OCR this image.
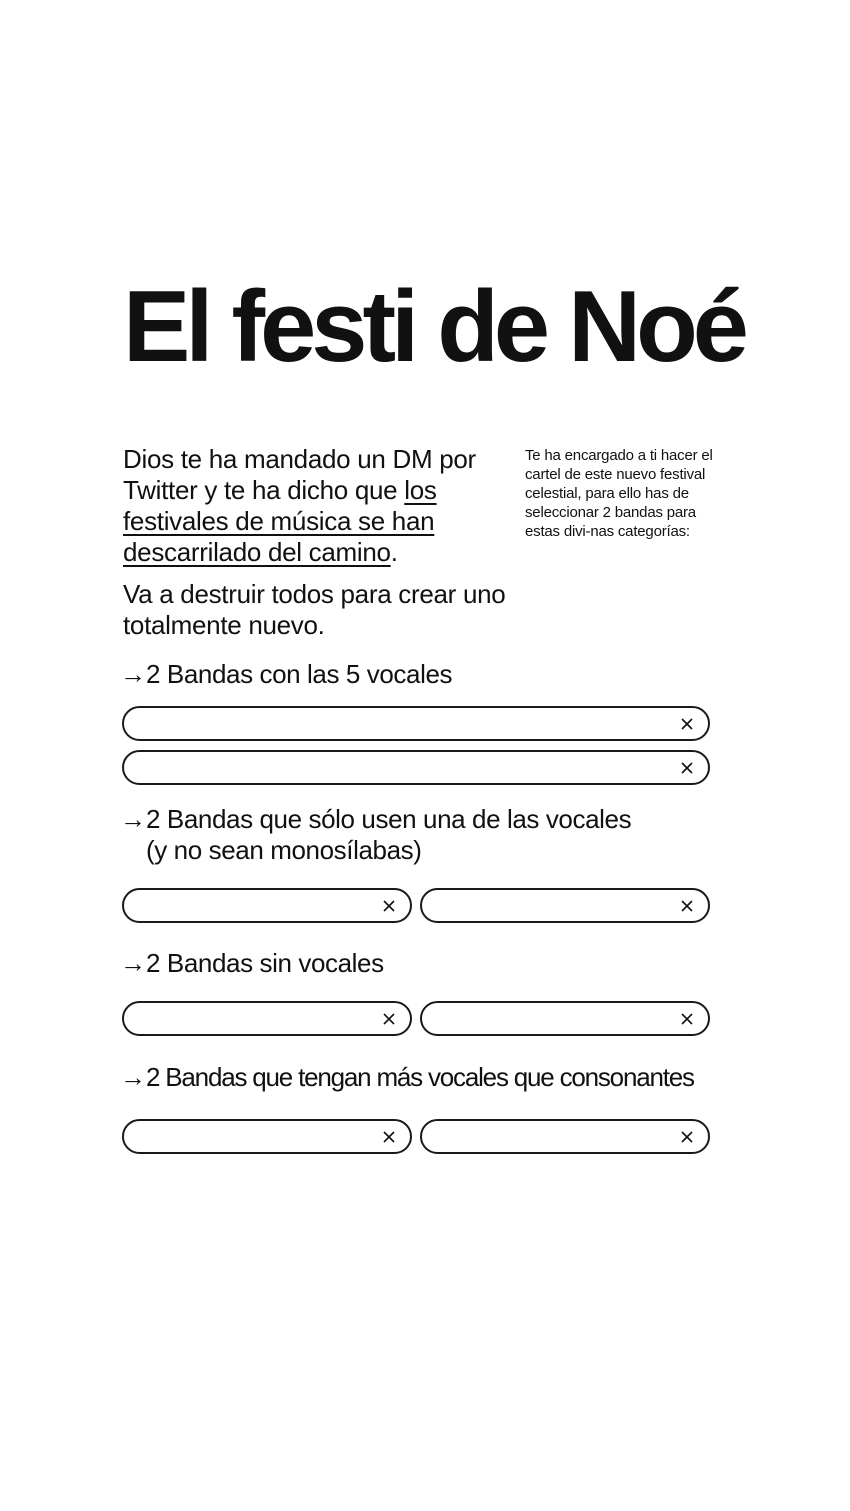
El festi de Noé

Dios te ha mandado un DM por Twitter y te ha dicho que los festivales de música se han descarrilado del camino.

Va a destruir todos para crear uno totalmente nuevo.

Te ha encargado a ti hacer el cartel de este nuevo festival celestial, para ello has de seleccionar 2 bandas para estas divi-nas categorías:

→2 Bandas con las 5 vocales
→2 Bandas que sólo usen una de las vocales
(y no sean monosílabas)
→2 Bandas sin vocales
→2 Bandas que tengan más vocales que consonantes
